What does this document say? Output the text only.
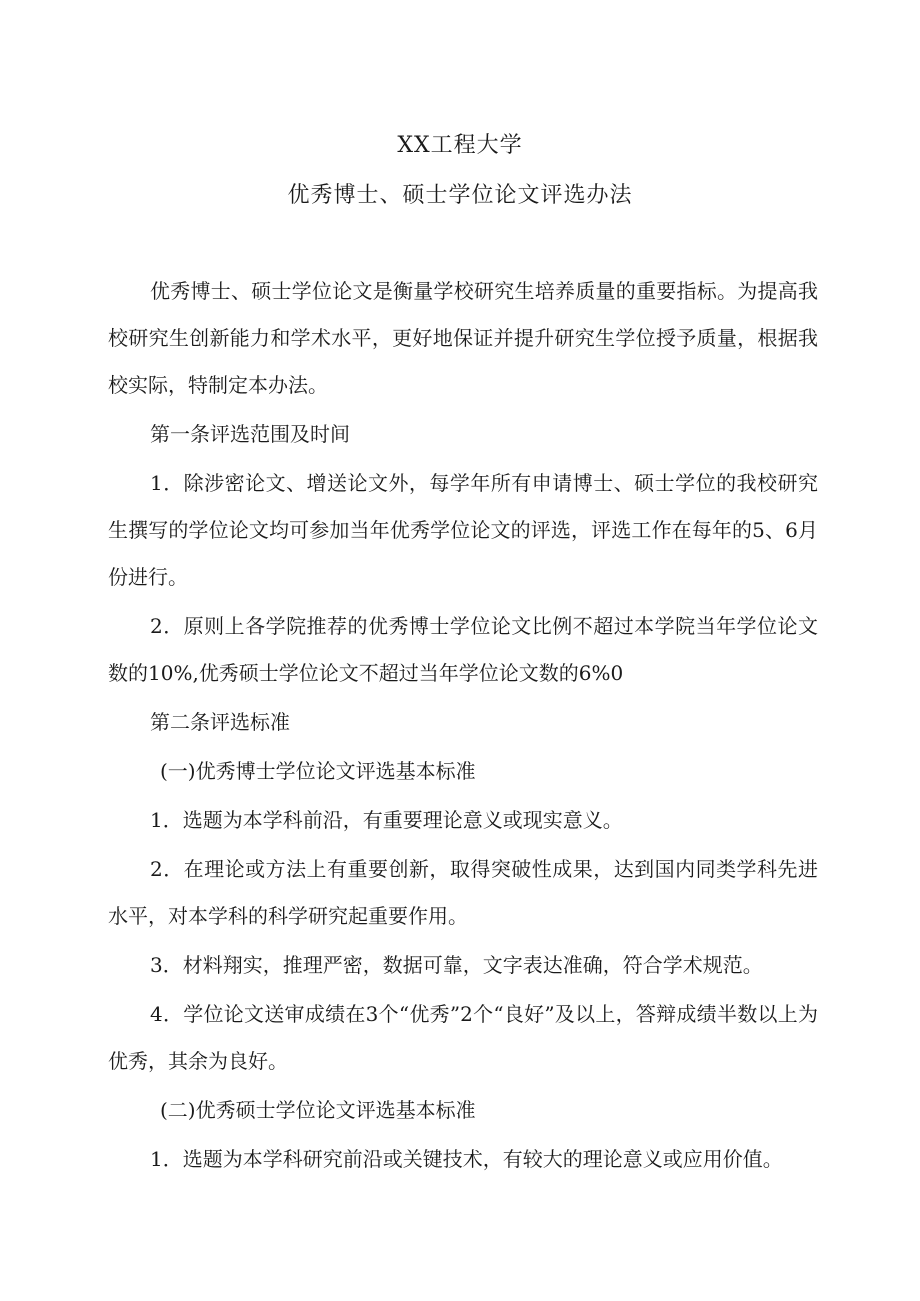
XX工程大学
优秀博士、硕士学位论文评选办法

优秀博士、硕士学位论文是衡量学校研究生培养质量的重要指标。为提高我校研究生创新能力和学术水平，更好地保证并提升研究生学位授予质量，根据我校实际，特制定本办法。

第一条评选范围及时间

1．除涉密论文、增送论文外，每学年所有申请博士、硕士学位的我校研究生撰写的学位论文均可参加当年优秀学位论文的评选，评选工作在每年的5、6月份进行。

2．原则上各学院推荐的优秀博士学位论文比例不超过本学院当年学位论文数的10%,优秀硕士学位论文不超过当年学位论文数的6%0

第二条评选标准

(一)优秀博士学位论文评选基本标准

1．选题为本学科前沿，有重要理论意义或现实意义。

2．在理论或方法上有重要创新，取得突破性成果，达到国内同类学科先进水平，对本学科的科学研究起重要作用。

3．材料翔实，推理严密，数据可靠，文字表达准确，符合学术规范。

4．学位论文送审成绩在3个“优秀”2个“良好”及以上，答辩成绩半数以上为优秀，其余为良好。

(二)优秀硕士学位论文评选基本标准

1．选题为本学科研究前沿或关键技术，有较大的理论意义或应用价值。
